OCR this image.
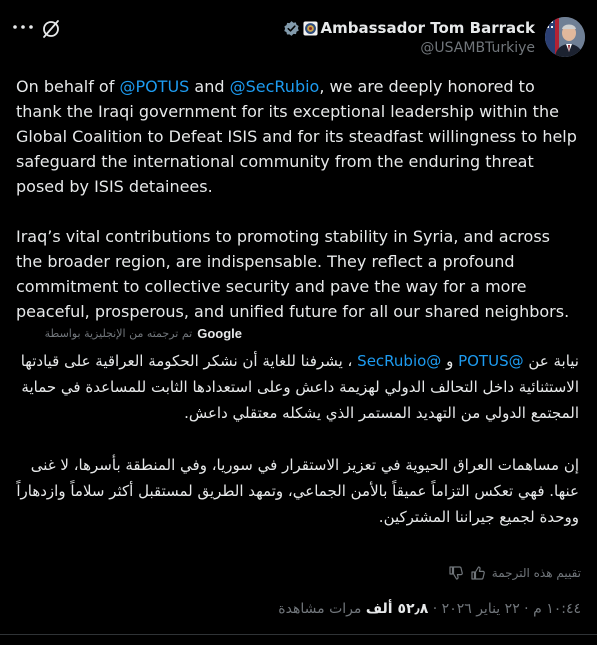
Ambassador Tom Barrack
@USAMBTurkiye
On behalf of @POTUS and @SecRubio, we are deeply honored to thank the Iraqi government for its exceptional leadership within the Global Coalition to Defeat ISIS and for its steadfast willingness to help safeguard the international community from the enduring threat posed by ISIS detainees.

Iraq’s vital contributions to promoting stability in Syria, and across the broader region, are indispensable. They reflect a profound commitment to collective security and pave the way for a more peaceful, prosperous, and unified future for all our shared neighbors.
Google
تم ترجمته من الإنجليزية بواسطة

نيابة عن @POTUS و @SecRubio ، يشرفنا للغاية أن نشكر الحكومة العراقية على قيادتها الاستثنائية داخل التحالف الدولي لهزيمة داعش وعلى استعدادها الثابت للمساعدة في حماية المجتمع الدولي من التهديد المستمر الذي يشكله معتقلي داعش.

إن مساهمات العراق الحيوية في تعزيز الاستقرار في سوريا، وفي المنطقة بأسرها، لا غنى عنها. فهي تعكس التزاماً عميقاً بالأمن الجماعي، وتمهد الطريق لمستقبل أكثر سلاماً وازدهاراً ووحدة لجميع جيراننا المشتركين.

تقييم هذه الترجمة
١٠:٤٤ م · ٢٢ يناير ٢٠٢٦ · ٥٢٫٨ ألف مرات مشاهدة
